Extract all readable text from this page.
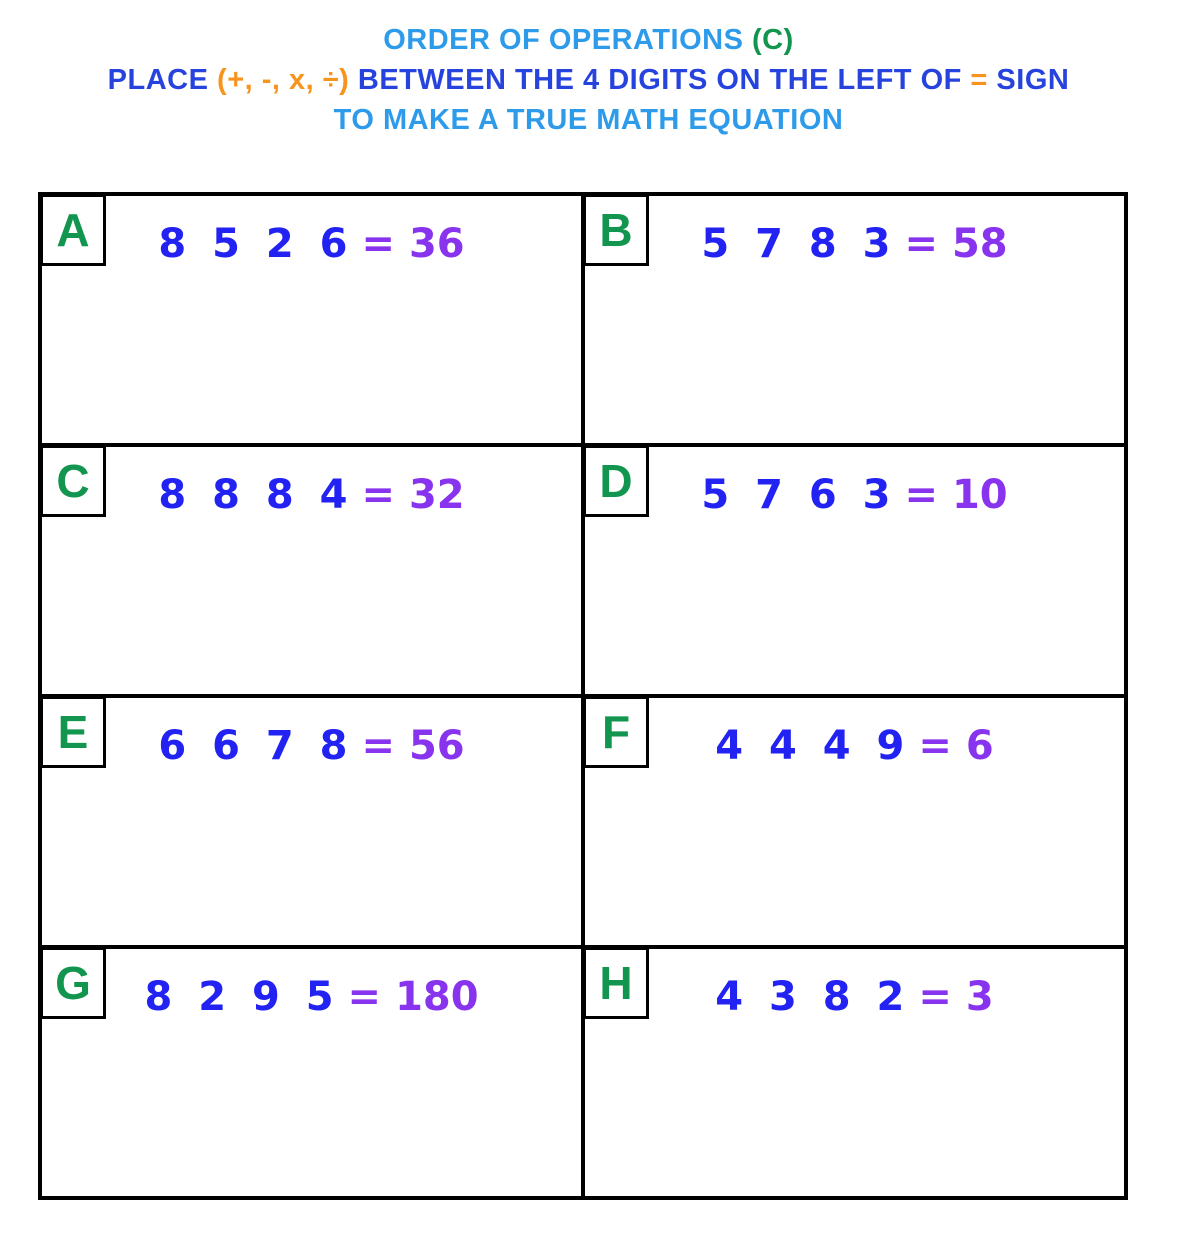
ORDER OF OPERATIONS (C)
PLACE (+, -, x, ÷) BETWEEN THE 4 DIGITS ON THE LEFT OF = SIGN
TO MAKE A TRUE MATH EQUATION
A 8 5 2 6 = 36	B 5 7 8 3 = 58
C 8 8 8 4 = 32	D 5 7 6 3 = 10
E 6 6 7 8 = 56	F 4 4 4 9 = 6
G 8 2 9 5 = 180	H 4 3 8 2 = 3
